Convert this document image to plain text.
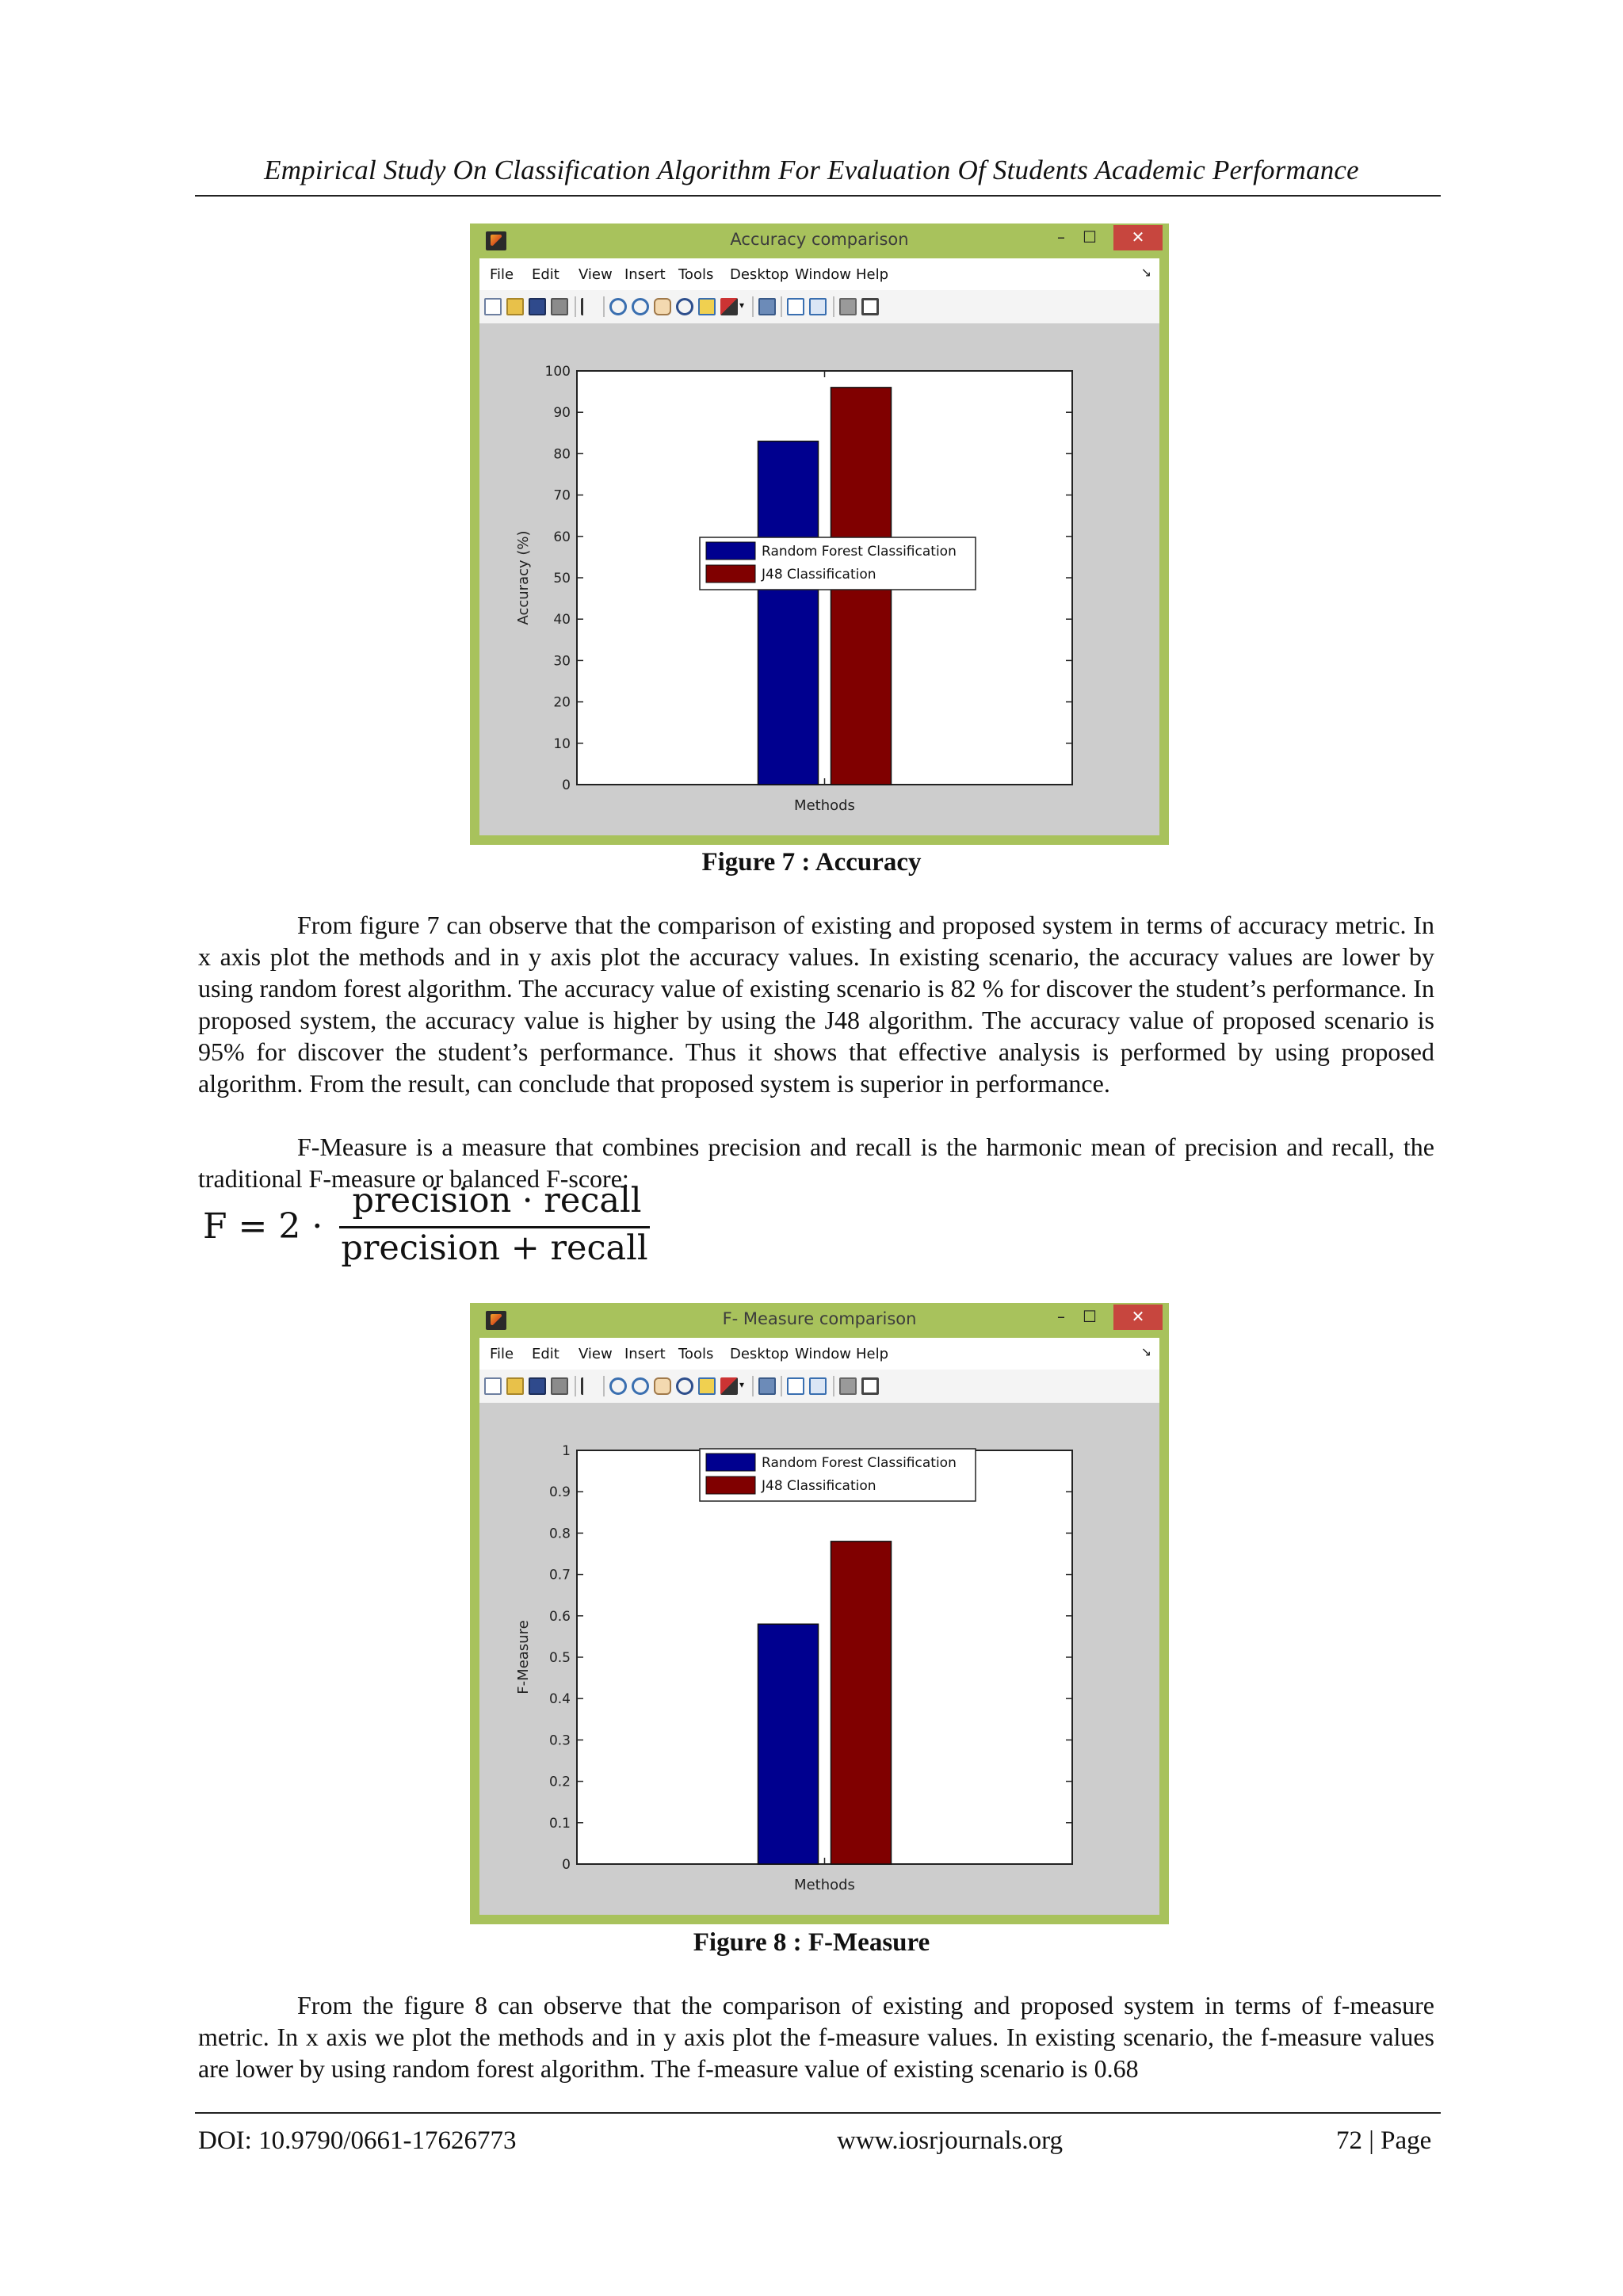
Empirical Study On Classification Algorithm For Evaluation Of Students Academic Performance
Accuracy comparison	–	☐	✕
File Edit View Insert Tools Desktop Window Help	↘
▾
0
10
20
30
40
50
60
70
80
90
100
Methods
Accuracy (%)	Random Forest Classification
J48 Classification
Figure 7 : Accuracy

From figure 7 can observe that the comparison of existing and proposed system in terms of accuracy metric. In x axis plot the methods and in y axis plot the accuracy values. In existing scenario, the accuracy values are lower by using random forest algorithm. The accuracy value of existing scenario is 82 % for discover the student’s performance. In proposed system, the accuracy value is higher by using the J48 algorithm. The accuracy value of proposed scenario is 95% for discover the student’s performance. Thus it shows that effective analysis is performed by using proposed algorithm. From the result, can conclude that proposed system is superior in performance.

F-Measure is a measure that combines precision and recall is the harmonic mean of precision and recall, the traditional F-measure or balanced F-score:

F = 2 ·
precision · recall
precision + recall
F- Measure comparison	–	☐	✕
File Edit View Insert Tools Desktop Window Help	↘
▾
0
0.1
0.2
0.3
0.4
0.5
0.6
0.7
0.8
0.9
1
Methods
F-Measure
Random Forest Classification
J48 Classification
Figure 8 : F-Measure

From the figure 8 can observe that the comparison of existing and proposed system in terms of f-measure metric. In x axis we plot the methods and in y axis plot the f-measure values. In existing scenario, the f-measure values are lower by using random forest algorithm. The f-measure value of existing scenario is 0.68

DOI: 10.9790/0661-17626773	www.iosrjournals.org	72 | Page
